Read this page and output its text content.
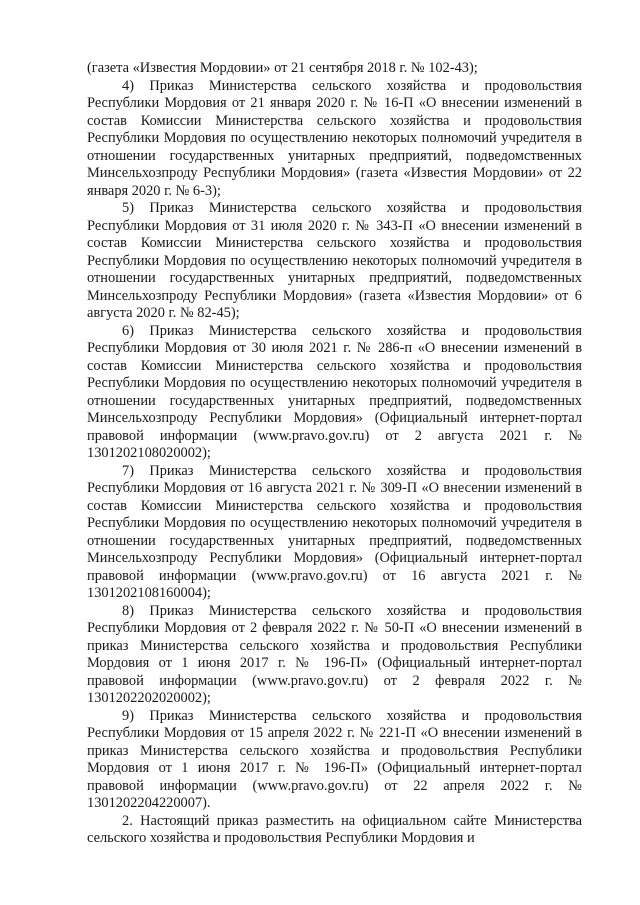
(газета «Известия Мордовии» от 21 сентября 2018 г. № 102-43);

4) Приказ Министерства сельского хозяйства и продовольствия Республики Мордовия от 21 января 2020 г. № 16-П «О внесении изменений в состав Комиссии Министерства сельского хозяйства и продовольствия Республики Мордовия по осуществлению некоторых полномочий учредителя в отношении государственных унитарных предприятий, подведомственных Минсельхозпроду Республики Мордовия» (газета «Известия Мордовии» от 22 января 2020 г. № 6-3);

5) Приказ Министерства сельского хозяйства и продовольствия Республики Мордовия от 31 июля 2020 г. № 343-П «О внесении изменений в состав Комиссии Министерства сельского хозяйства и продовольствия Республики Мордовия по осуществлению некоторых полномочий учредителя в отношении государственных унитарных предприятий, подведомственных Минсельхозпроду Республики Мордовия» (газета «Известия Мордовии» от 6 августа 2020 г. № 82-45);

6) Приказ Министерства сельского хозяйства и продовольствия Республики Мордовия от 30 июля 2021 г. № 286-п «О внесении изменений в состав Комиссии Министерства сельского хозяйства и продовольствия Республики Мордовия по осуществлению некоторых полномочий учредителя в отношении государственных унитарных предприятий, подведомственных Минсельхозпроду Республики Мордовия» (Официальный интернет-портал правовой информации (www.pravo.gov.ru) от 2 августа 2021 г. № 1301202108020002);

7) Приказ Министерства сельского хозяйства и продовольствия Республики Мордовия от 16 августа 2021 г. № 309-П «О внесении изменений в состав Комиссии Министерства сельского хозяйства и продовольствия Республики Мордовия по осуществлению некоторых полномочий учредителя в отношении государственных унитарных предприятий, подведомственных Минсельхозпроду Республики Мордовия» (Официальный интернет-портал правовой информации (www.pravo.gov.ru) от 16 августа 2021 г. № 1301202108160004);

8) Приказ Министерства сельского хозяйства и продовольствия Республики Мордовия от 2 февраля 2022 г. № 50-П «О внесении изменений в приказ Министерства сельского хозяйства и продовольствия Республики Мордовия от 1 июня 2017 г. № 196-П» (Официальный интернет-портал правовой информации (www.pravo.gov.ru) от 2 февраля 2022 г. № 1301202202020002);

9) Приказ Министерства сельского хозяйства и продовольствия Республики Мордовия от 15 апреля 2022 г. № 221-П «О внесении изменений в приказ Министерства сельского хозяйства и продовольствия Республики Мордовия от 1 июня 2017 г. № 196-П» (Официальный интернет-портал правовой информации (www.pravo.gov.ru) от 22 апреля 2022 г. № 1301202204220007).

2. Настоящий приказ разместить на официальном сайте Министерства сельского хозяйства и продовольствия Республики Мордовия и
